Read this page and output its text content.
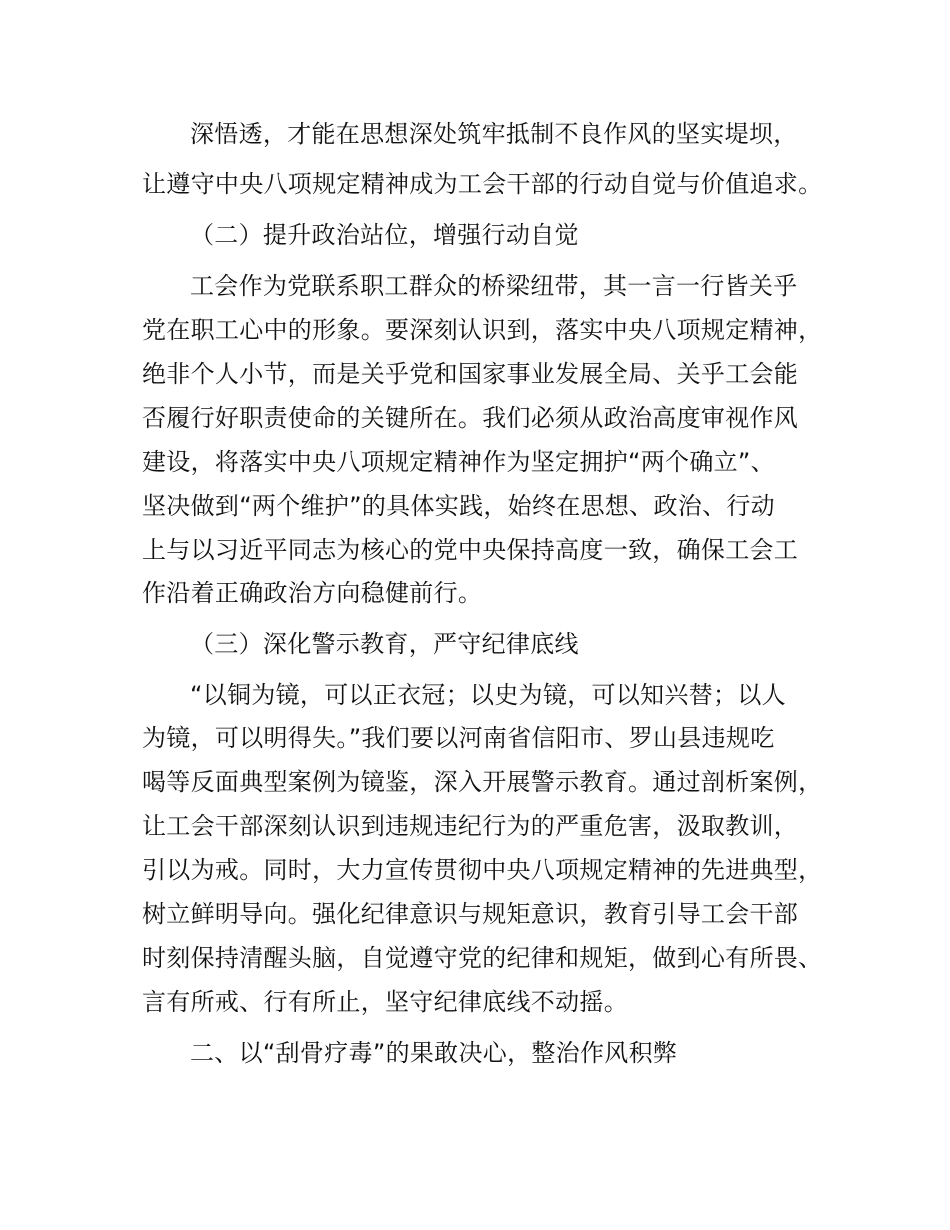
深悟透，才能在思想深处筑牢抵制不良作风的坚实堤坝，
让遵守中央八项规定精神成为工会干部的行动自觉与价值追求。
（二）提升政治站位，增强行动自觉
工会作为党联系职工群众的桥梁纽带，其一言一行皆关乎
党在职工心中的形象。要深刻认识到，落实中央八项规定精神，
绝非个人小节，而是关乎党和国家事业发展全局、关乎工会能
否履行好职责使命的关键所在。我们必须从政治高度审视作风
建设，将落实中央八项规定精神作为坚定拥护“两个确立”、
坚决做到“两个维护”的具体实践，始终在思想、政治、行动
上与以习近平同志为核心的党中央保持高度一致，确保工会工
作沿着正确政治方向稳健前行。
（三）深化警示教育，严守纪律底线
“以铜为镜，可以正衣冠；以史为镜，可以知兴替；以人
为镜，可以明得失。”我们要以河南省信阳市、罗山县违规吃
喝等反面典型案例为镜鉴，深入开展警示教育。通过剖析案例，
让工会干部深刻认识到违规违纪行为的严重危害，汲取教训，
引以为戒。同时，大力宣传贯彻中央八项规定精神的先进典型，
树立鲜明导向。强化纪律意识与规矩意识，教育引导工会干部
时刻保持清醒头脑，自觉遵守党的纪律和规矩，做到心有所畏、
言有所戒、行有所止，坚守纪律底线不动摇。
二、以“刮骨疗毒”的果敢决心，整治作风积弊
